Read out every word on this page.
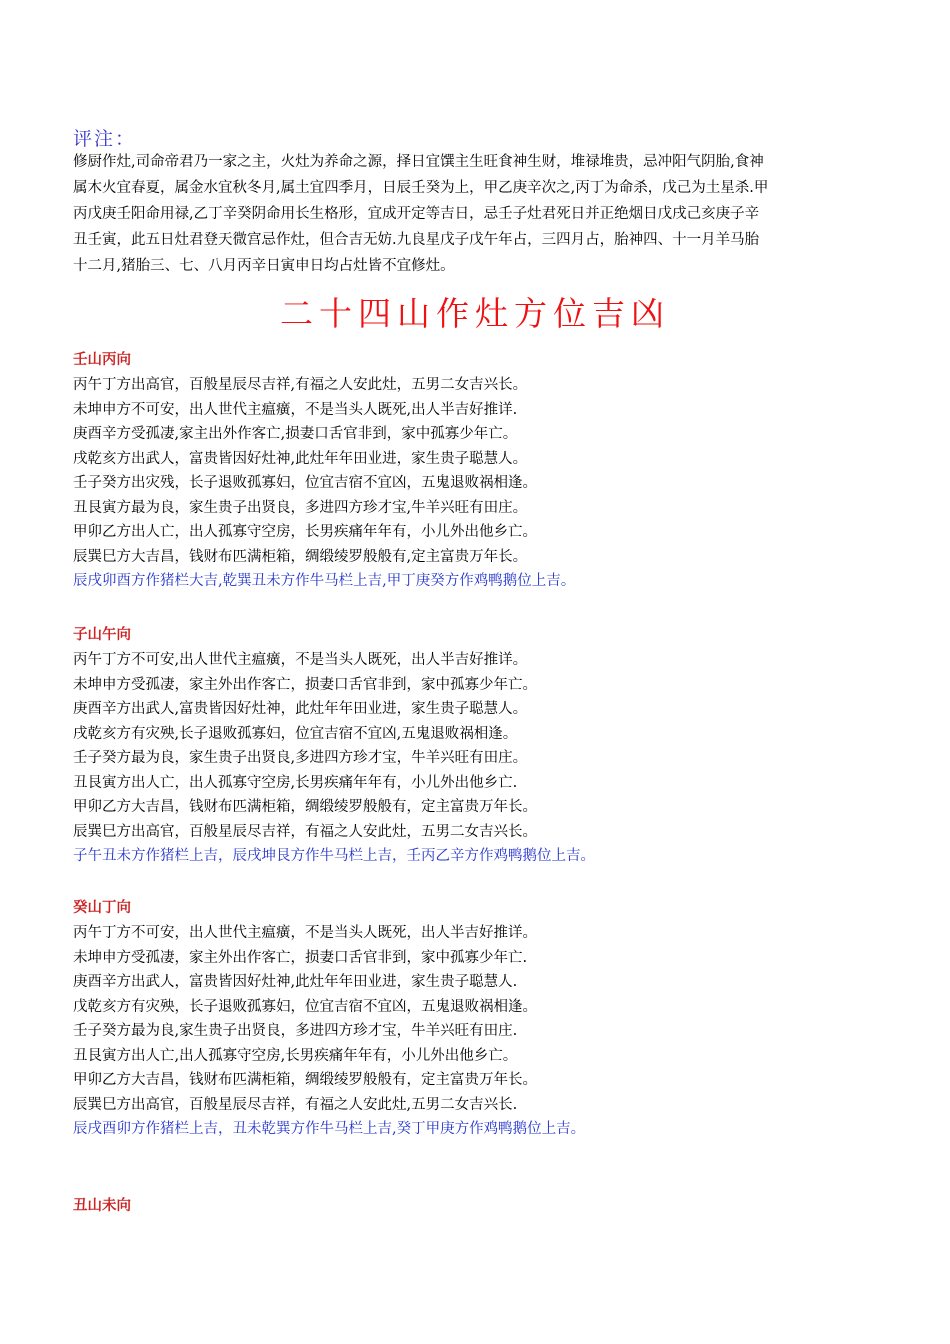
评注：
修厨作灶,司命帝君乃一家之主，火灶为养命之源，择日宜馔主生旺食神生财，堆禄堆贵，忌冲阳气阴胎,食神
属木火宜春夏，属金水宜秋冬月,属土宜四季月，日辰壬癸为上，甲乙庚辛次之,丙丁为命杀，戊己为土星杀.甲
丙戊庚壬阳命用禄,乙丁辛癸阴命用长生格形，宜成开定等吉日，忌壬子灶君死日并正绝烟日戊戌己亥庚子辛
丑壬寅，此五日灶君登天微宫忌作灶，但合吉无妨.九良星戊子戊午年占，三四月占，胎神四、十一月羊马胎
十二月,猪胎三、七、八月丙辛日寅申日均占灶皆不宜修灶。
二十四山作灶方位吉凶
壬山丙向
丙午丁方出高官，百般星辰尽吉祥,有福之人安此灶，五男二女吉兴长。
未坤申方不可安，出人世代主瘟癀，不是当头人既死,出人半吉好推详.
庚酉辛方受孤凄,家主出外作客亡,损妻口舌官非到，家中孤寡少年亡。
戌乾亥方出武人，富贵皆因好灶神,此灶年年田业进，家生贵子聪慧人。
壬子癸方出灾残，长子退败孤寡妇，位宜吉宿不宜凶，五鬼退败祸相逢。
丑艮寅方最为良，家生贵子出贤良，多进四方珍才宝,牛羊兴旺有田庄。
甲卯乙方出人亡，出人孤寡守空房，长男疾痛年年有，小儿外出他乡亡。
辰巽巳方大吉昌，钱财布匹满柜箱，绸缎绫罗般般有,定主富贵万年长。
辰戌卯酉方作猪栏大吉,乾巽丑未方作牛马栏上吉,甲丁庚癸方作鸡鸭鹅位上吉。
子山午向
丙午丁方不可安,出人世代主瘟癀，不是当头人既死，出人半吉好推详。
未坤申方受孤凄，家主外出作客亡，损妻口舌官非到，家中孤寡少年亡。
庚酉辛方出武人,富贵皆因好灶神，此灶年年田业进，家生贵子聪慧人。
戌乾亥方有灾殃,长子退败孤寡妇，位宜吉宿不宜凶,五鬼退败祸相逢。
壬子癸方最为良，家生贵子出贤良,多进四方珍才宝，牛羊兴旺有田庄。
丑艮寅方出人亡，出人孤寡守空房,长男疾痛年年有，小儿外出他乡亡.
甲卯乙方大吉昌，钱财布匹满柜箱，绸缎绫罗般般有，定主富贵万年长。
辰巽巳方出高官，百般星辰尽吉祥，有福之人安此灶，五男二女吉兴长。
子午丑未方作猪栏上吉，辰戌坤艮方作牛马栏上吉，壬丙乙辛方作鸡鸭鹅位上吉。
癸山丁向
丙午丁方不可安，出人世代主瘟癀，不是当头人既死，出人半吉好推详。
未坤申方受孤凄，家主外出作客亡，损妻口舌官非到，家中孤寡少年亡.
庚酉辛方出武人，富贵皆因好灶神,此灶年年田业进，家生贵子聪慧人.
戊乾亥方有灾殃，长子退败孤寡妇，位宜吉宿不宜凶，五鬼退败祸相逢。
壬子癸方最为良,家生贵子出贤良，多进四方珍才宝，牛羊兴旺有田庄.
丑艮寅方出人亡,出人孤寡守空房,长男疾痛年年有，小儿外出他乡亡。
甲卯乙方大吉昌，钱财布匹满柜箱，绸缎绫罗般般有，定主富贵万年长。
辰巽巳方出高官，百般星辰尽吉祥，有福之人安此灶,五男二女吉兴长.
辰戌酉卯方作猪栏上吉，丑未乾巽方作牛马栏上吉,癸丁甲庚方作鸡鸭鹅位上吉。
丑山未向
